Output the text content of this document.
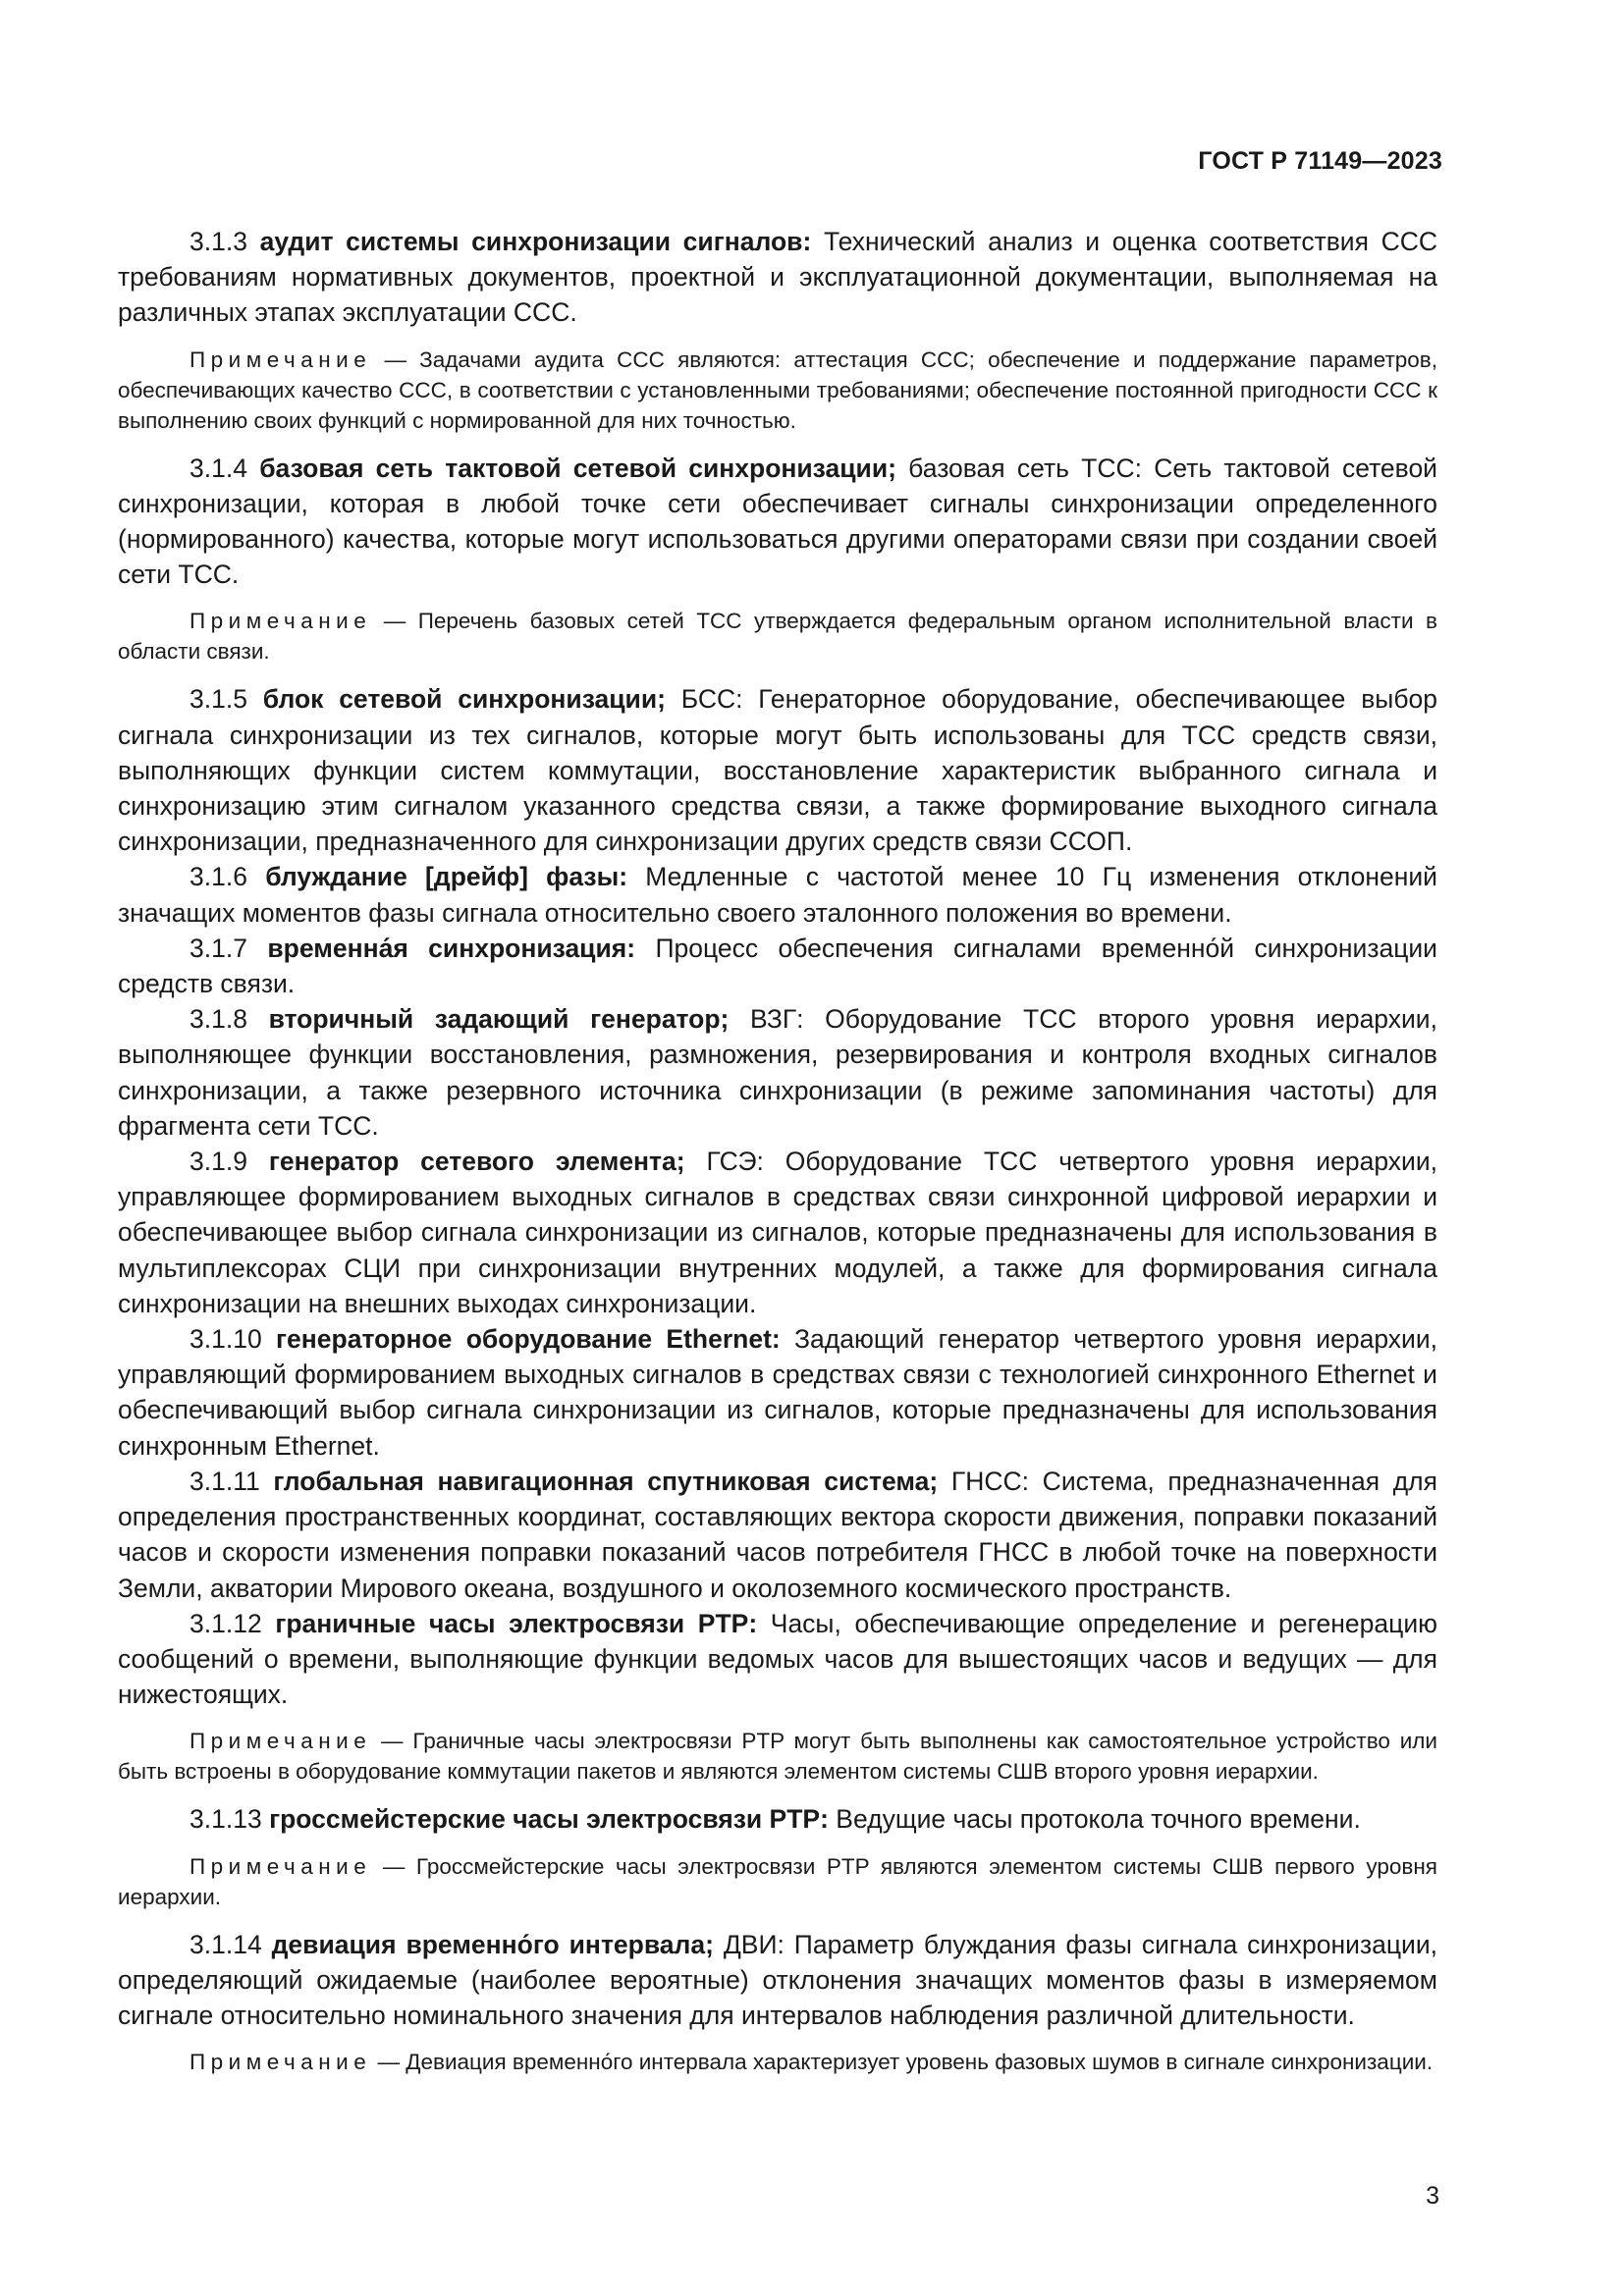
ГОСТ Р 71149—2023

3.1.3 аудит системы синхронизации сигналов: Технический анализ и оценка соответствия ССС требованиям нормативных документов, проектной и эксплуатационной документации, выполняемая на различных этапах эксплуатации ССС.

Примечание — Задачами аудита ССС являются: аттестация ССС; обеспечение и поддержание параметров, обеспечивающих качество ССС, в соответствии с установленными требованиями; обеспечение постоянной пригодности ССС к выполнению своих функций с нормированной для них точностью.

3.1.4 базовая сеть тактовой сетевой синхронизации; базовая сеть ТСС: Сеть тактовой сетевой синхронизации, которая в любой точке сети обеспечивает сигналы синхронизации определенного (нормированного) качества, которые могут использоваться другими операторами связи при создании своей сети ТСС.

Примечание — Перечень базовых сетей ТСС утверждается федеральным органом исполнительной власти в области связи.

3.1.5 блок сетевой синхронизации; БСС: Генераторное оборудование, обеспечивающее выбор сигнала синхронизации из тех сигналов, которые могут быть использованы для ТСС средств связи, выполняющих функции систем коммутации, восстановление характеристик выбранного сигнала и синхронизацию этим сигналом указанного средства связи, а также формирование выходного сигнала синхронизации, предназначенного для синхронизации других средств связи ССОП.

3.1.6 блуждание [дрейф] фазы: Медленные с частотой менее 10 Гц изменения отклонений значащих моментов фазы сигнала относительно своего эталонного положения во времени.

3.1.7 временна́я синхронизация: Процесс обеспечения сигналами временно́й синхронизации средств связи.

3.1.8 вторичный задающий генератор; ВЗГ: Оборудование ТСС второго уровня иерархии, выполняющее функции восстановления, размножения, резервирования и контроля входных сигналов синхронизации, а также резервного источника синхронизации (в режиме запоминания частоты) для фрагмента сети ТСС.

3.1.9 генератор сетевого элемента; ГСЭ: Оборудование ТСС четвертого уровня иерархии, управляющее формированием выходных сигналов в средствах связи синхронной цифровой иерархии и обеспечивающее выбор сигнала синхронизации из сигналов, которые предназначены для использования в мультиплексорах СЦИ при синхронизации внутренних модулей, а также для формирования сигнала синхронизации на внешних выходах синхронизации.

3.1.10 генераторное оборудование Ethernet: Задающий генератор четвертого уровня иерархии, управляющий формированием выходных сигналов в средствах связи с технологией синхронного Ethernet и обеспечивающий выбор сигнала синхронизации из сигналов, которые предназначены для использования синхронным Ethernet.

3.1.11 глобальная навигационная спутниковая система; ГНСС: Система, предназначенная для определения пространственных координат, составляющих вектора скорости движения, поправки показаний часов и скорости изменения поправки показаний часов потребителя ГНСС в любой точке на поверхности Земли, акватории Мирового океана, воздушного и околоземного космического пространств.

3.1.12 граничные часы электросвязи PTP: Часы, обеспечивающие определение и регенерацию сообщений о времени, выполняющие функции ведомых часов для вышестоящих часов и ведущих — для нижестоящих.

Примечание — Граничные часы электросвязи PTP могут быть выполнены как самостоятельное устройство или быть встроены в оборудование коммутации пакетов и являются элементом системы СШВ второго уровня иерархии.

3.1.13 гроссмейстерские часы электросвязи PTP: Ведущие часы протокола точного времени.

Примечание — Гроссмейстерские часы электросвязи PTP являются элементом системы СШВ первого уровня иерархии.

3.1.14 девиация временно́го интервала; ДВИ: Параметр блуждания фазы сигнала синхронизации, определяющий ожидаемые (наиболее вероятные) отклонения значащих моментов фазы в измеряемом сигнале относительно номинального значения для интервалов наблюдения различной длительности.

Примечание — Девиация временно́го интервала характеризует уровень фазовых шумов в сигнале синхронизации.

3
